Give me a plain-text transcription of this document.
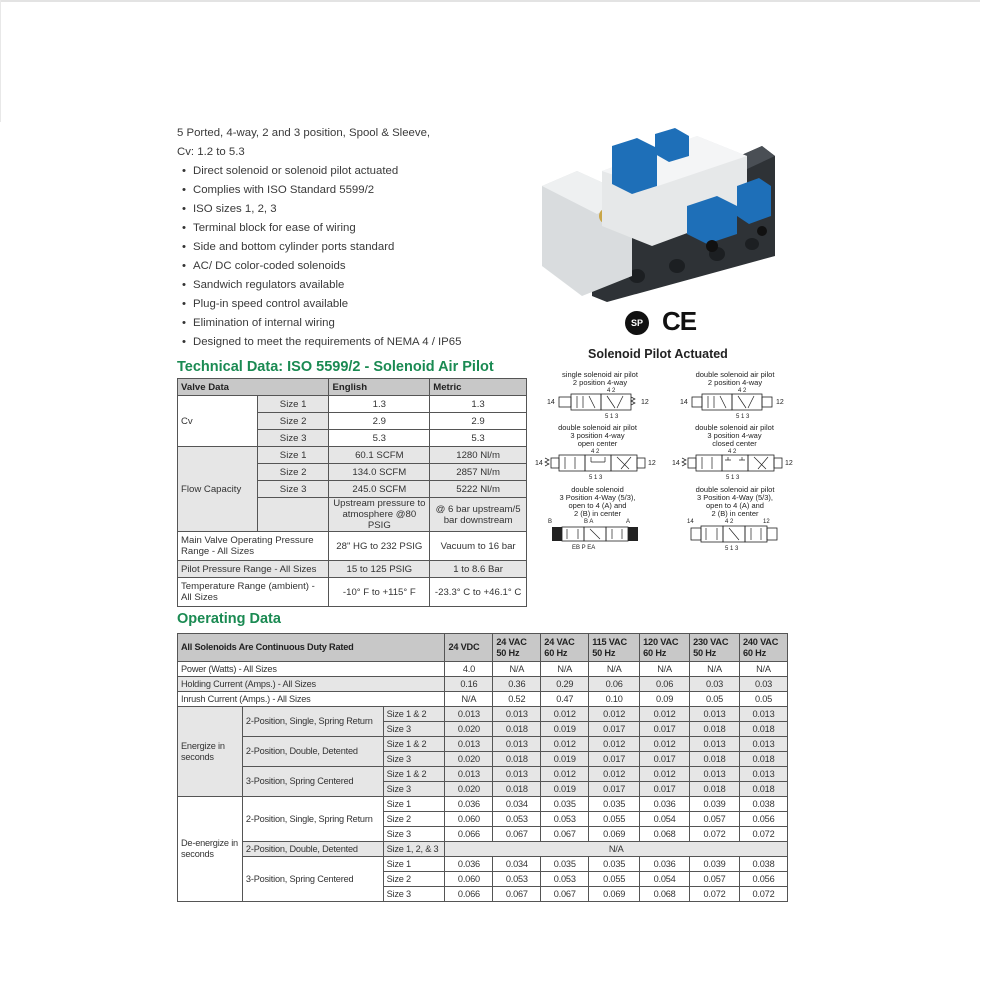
5 Ported, 4-way, 2 and 3 position, Spool & Sleeve,
Cv: 1.2 to 5.3
• Direct solenoid or solenoid pilot actuated
• Complies with ISO Standard 5599/2
• ISO sizes 1, 2, 3
• Terminal block for ease of wiring
• Side and bottom cylinder ports standard
• AC/ DC color-coded solenoids
• Sandwich regulators available
• Plug-in speed control available
• Elimination of internal wiring
• Designed to meet the requirements of NEMA 4 / IP65
SP CE
Technical Data: ISO 5599/2 - Solenoid Air Pilot
Valve Data		English	Metric
Cv	Size 1	1.3	1.3
	Size 2	2.9	2.9
	Size 3	5.3	5.3
Flow Capacity	Size 1	60.1 SCFM	1280 Nl/m
	Size 2	134.0 SCFM	2857 Nl/m
	Size 3	245.0 SCFM	5222 Nl/m
		Upstream pressure to atmosphere @80 PSIG	@ 6 bar upstream/5 bar downstream
Main Valve Operating Pressure Range - All Sizes		28" HG to 232 PSIG	Vacuum to 16 bar
Pilot Pressure Range - All Sizes		15 to 125 PSIG	1 to 8.6 Bar
Temperature Range (ambient) - All Sizes		-10° F to +115° F	-23.3° C to +46.1° C
Solenoid Pilot Actuated
single solenoid air pilot
2 position 4-way
14	12
4 2
5 1 3
double solenoid air pilot
2 position 4-way
14	12
4 2
5 1 3
double solenoid air pilot
3 position 4-way
open center
14	12
4 2
5 1 3
double solenoid air pilot
3 position 4-way
closed center
14	12
4 2
5 1 3
double solenoid
3 Position 4-Way (5/3),
open to 4 (A) and
2 (B) in center
B	B A	A
EB P EA
double solenoid air pilot
3 Position 4-Way (5/3),
open to 4 (A) and
2 (B) in center
14	4 2	12
5 1 3
Operating Data
All Solenoids Are Continuous Duty Rated			24 VDC	24 VAC 50 Hz	24 VAC 60 Hz	115 VAC 50 Hz	120 VAC 60 Hz	230 VAC 50 Hz	240 VAC 60 Hz
Power (Watts) - All Sizes			4.0	N/A	N/A	N/A	N/A	N/A	N/A
Holding Current (Amps.) - All Sizes			0.16	0.36	0.29	0.06	0.06	0.03	0.03
Inrush Current (Amps.) - All Sizes			N/A	0.52	0.47	0.10	0.09	0.05	0.05
Energize in seconds	2-Position, Single, Spring Return	Size 1 & 2	0.013	0.013	0.012	0.012	0.012	0.013	0.013
		Size 3	0.020	0.018	0.019	0.017	0.017	0.018	0.018
	2-Position, Double, Detented	Size 1 & 2	0.013	0.013	0.012	0.012	0.012	0.013	0.013
		Size 3	0.020	0.018	0.019	0.017	0.017	0.018	0.018
	3-Position, Spring Centered	Size 1 & 2	0.013	0.013	0.012	0.012	0.012	0.013	0.013
		Size 3	0.020	0.018	0.019	0.017	0.017	0.018	0.018
De-energize in seconds	2-Position, Single, Spring Return	Size 1	0.036	0.034	0.035	0.035	0.036	0.039	0.038
		Size 2	0.060	0.053	0.053	0.055	0.054	0.057	0.056
		Size 3	0.066	0.067	0.067	0.069	0.068	0.072	0.072
	2-Position, Double, Detented	Size 1, 2, & 3	N/A						
	3-Position, Spring Centered	Size 1	0.036	0.034	0.035	0.035	0.036	0.039	0.038
		Size 2	0.060	0.053	0.053	0.055	0.054	0.057	0.056
		Size 3	0.066	0.067	0.067	0.069	0.068	0.072	0.072
